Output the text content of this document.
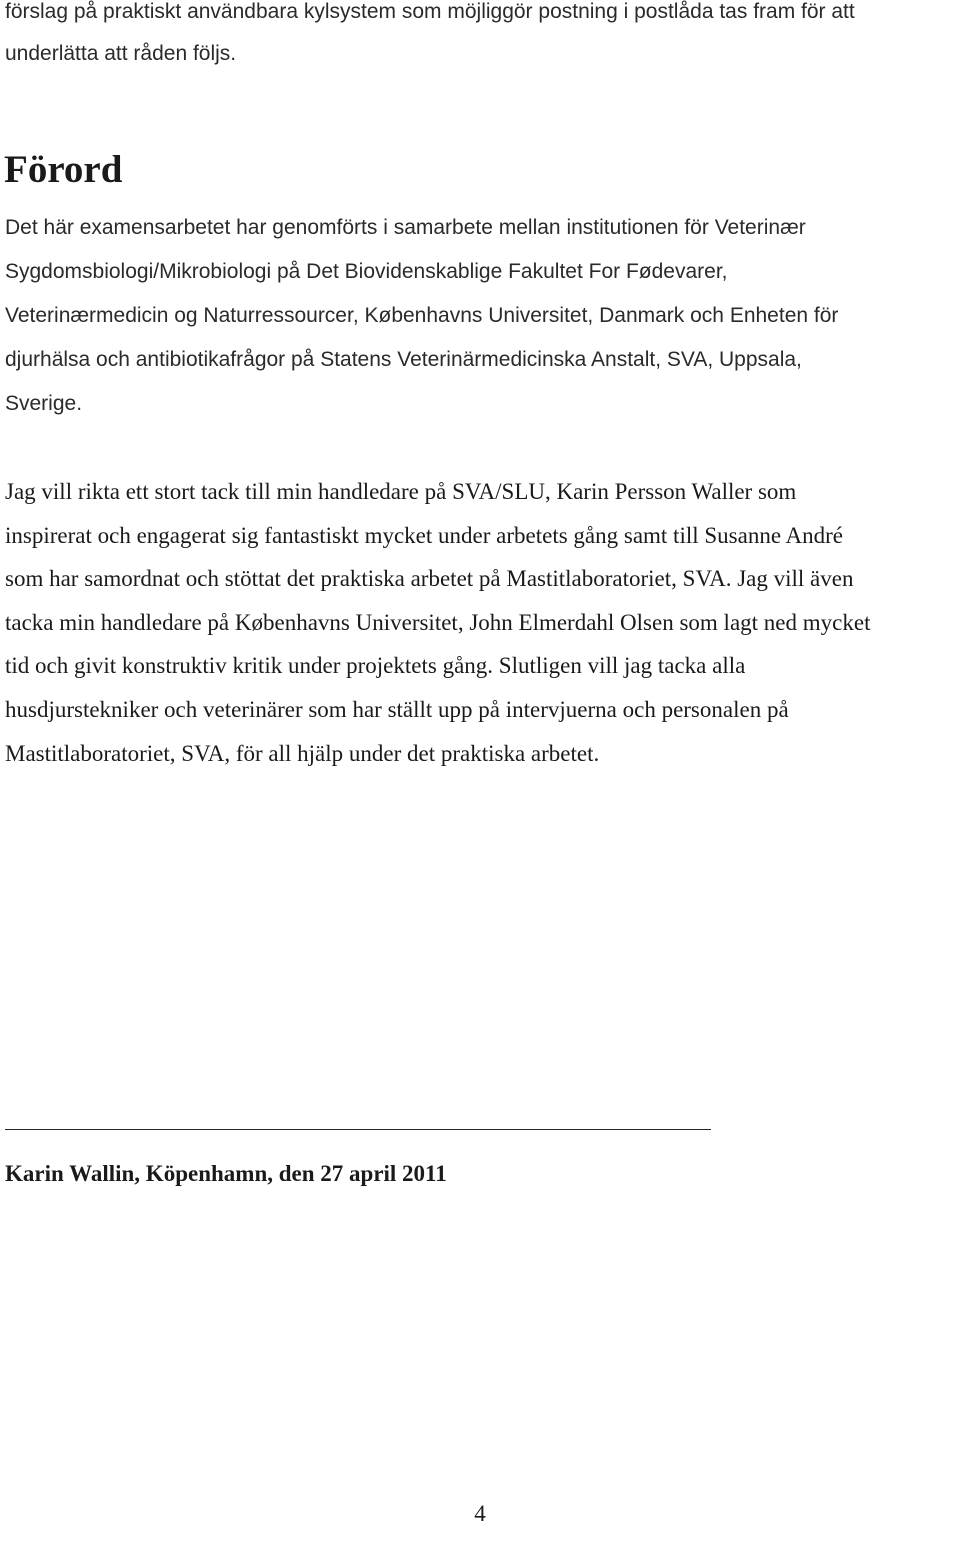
förslag på praktiskt användbara kylsystem som möjliggör postning i postlåda tas fram för att
underlätta att råden följs.
Förord
Det här examensarbetet har genomförts i samarbete mellan institutionen för Veterinær
Sygdomsbiologi/Mikrobiologi på Det Biovidenskablige Fakultet For Fødevarer,
Veterinærmedicin og Naturressourcer, Københavns Universitet, Danmark och Enheten för
djurhälsa och antibiotikafrågor på Statens Veterinärmedicinska Anstalt, SVA, Uppsala,
Sverige.
Jag vill rikta ett stort tack till min handledare på SVA/SLU, Karin Persson Waller som
inspirerat och engagerat sig fantastiskt mycket under arbetets gång samt till Susanne André
som har samordnat och stöttat det praktiska arbetet på Mastitlaboratoriet, SVA. Jag vill även
tacka min handledare på Københavns Universitet, John Elmerdahl Olsen som lagt ned mycket
tid och givit konstruktiv kritik under projektets gång. Slutligen vill jag tacka alla
husdjurstekniker och veterinärer som har ställt upp på intervjuerna och personalen på
Mastitlaboratoriet, SVA, för all hjälp under det praktiska arbetet.
Karin Wallin, Köpenhamn, den 27 april 2011
4
